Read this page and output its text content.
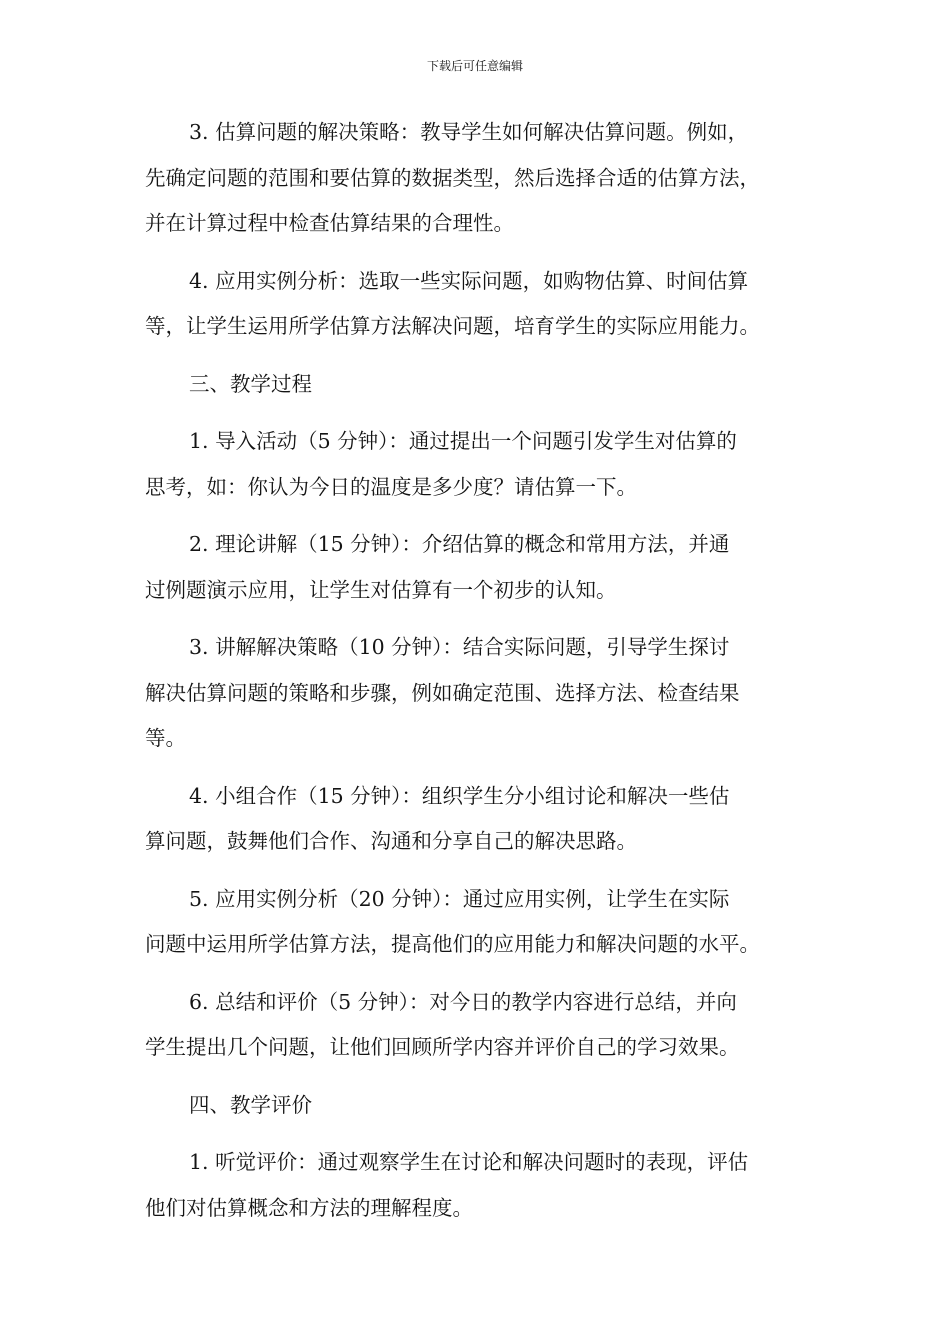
下载后可任意编辑
3. 估算问题的解决策略：教导学生如何解决估算问题。例如，
先确定问题的范围和要估算的数据类型，然后选择合适的估算方法，
并在计算过程中检查估算结果的合理性。
4. 应用实例分析：选取一些实际问题，如购物估算、时间估算
等，让学生运用所学估算方法解决问题，培育学生的实际应用能力。
三、教学过程
1. 导入活动（5 分钟）：通过提出一个问题引发学生对估算的
思考，如：你认为今日的温度是多少度？请估算一下。
2. 理论讲解（15 分钟）：介绍估算的概念和常用方法，并通
过例题演示应用，让学生对估算有一个初步的认知。
3. 讲解解决策略（10 分钟）：结合实际问题，引导学生探讨
解决估算问题的策略和步骤，例如确定范围、选择方法、检查结果
等。
4. 小组合作（15 分钟）：组织学生分小组讨论和解决一些估
算问题，鼓舞他们合作、沟通和分享自己的解决思路。
5. 应用实例分析（20 分钟）：通过应用实例，让学生在实际
问题中运用所学估算方法，提高他们的应用能力和解决问题的水平。
6. 总结和评价（5 分钟）：对今日的教学内容进行总结，并向
学生提出几个问题，让他们回顾所学内容并评价自己的学习效果。
四、教学评价
1. 听觉评价：通过观察学生在讨论和解决问题时的表现，评估
他们对估算概念和方法的理解程度。
